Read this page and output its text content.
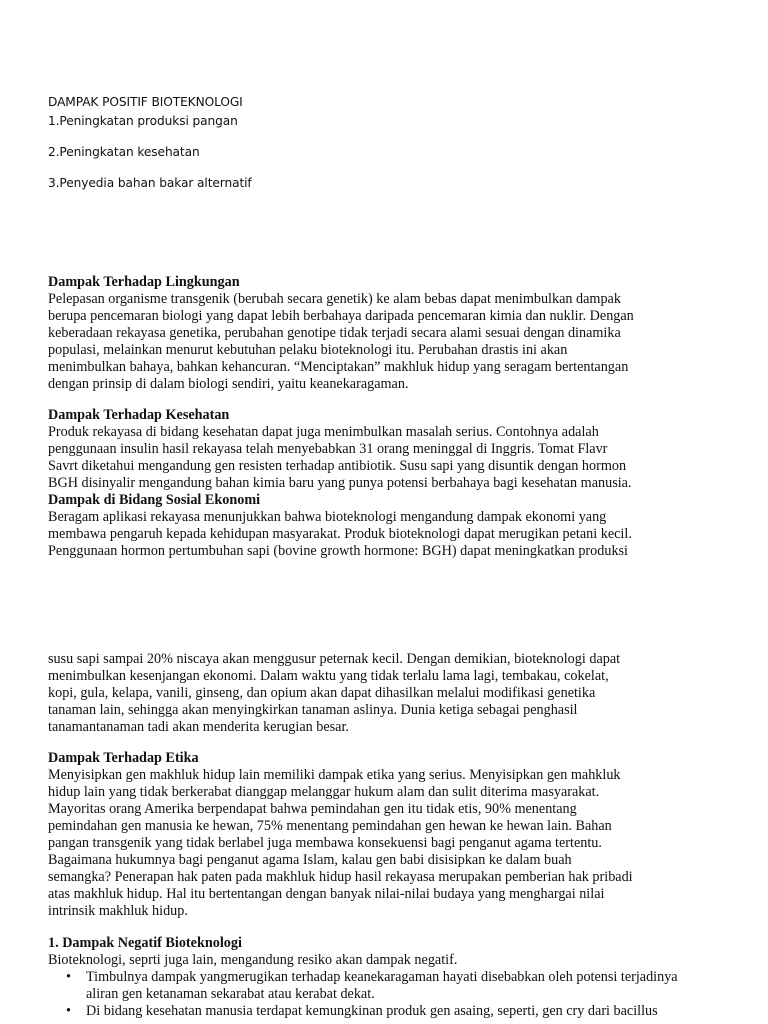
DAMPAK POSITIF BIOTEKNOLOGI
1.Peningkatan produksi pangan
2.Peningkatan kesehatan
3.Penyedia bahan bakar alternatif
Dampak Terhadap Lingkungan
Pelepasan organisme transgenik (berubah secara genetik) ke alam bebas dapat menimbulkan dampak
berupa pencemaran biologi yang dapat lebih berbahaya daripada pencemaran kimia dan nuklir. Dengan
keberadaan rekayasa genetika, perubahan genotipe tidak terjadi secara alami sesuai dengan dinamika
populasi, melainkan menurut kebutuhan pelaku bioteknologi itu. Perubahan drastis ini akan
menimbulkan bahaya, bahkan kehancuran. “Menciptakan” makhluk hidup yang seragam bertentangan
dengan prinsip di dalam biologi sendiri, yaitu keanekaragaman.
Dampak Terhadap Kesehatan
Produk rekayasa di bidang kesehatan dapat juga menimbulkan masalah serius. Contohnya adalah
penggunaan insulin hasil rekayasa telah menyebabkan 31 orang meninggal di Inggris. Tomat Flavr
Savrt diketahui mengandung gen resisten terhadap antibiotik. Susu sapi yang disuntik dengan hormon
BGH disinyalir mengandung bahan kimia baru yang punya potensi berbahaya bagi kesehatan manusia.
Dampak di Bidang Sosial Ekonomi
Beragam aplikasi rekayasa menunjukkan bahwa bioteknologi mengandung dampak ekonomi yang
membawa pengaruh kepada kehidupan masyarakat. Produk bioteknologi dapat merugikan petani kecil.
Penggunaan hormon pertumbuhan sapi (bovine growth hormone: BGH) dapat meningkatkan produksi
susu sapi sampai 20% niscaya akan menggusur peternak kecil. Dengan demikian, bioteknologi dapat
menimbulkan kesenjangan ekonomi. Dalam waktu yang tidak terlalu lama lagi, tembakau, cokelat,
kopi, gula, kelapa, vanili, ginseng, dan opium akan dapat dihasilkan melalui modifikasi genetika
tanaman lain, sehingga akan menyingkirkan tanaman aslinya. Dunia ketiga sebagai penghasil
tanamantanaman tadi akan menderita kerugian besar.
Dampak Terhadap Etika
Menyisipkan gen makhluk hidup lain memiliki dampak etika yang serius. Menyisipkan gen mahkluk
hidup lain yang tidak berkerabat dianggap melanggar hukum alam dan sulit diterima masyarakat.
Mayoritas orang Amerika berpendapat bahwa pemindahan gen itu tidak etis, 90% menentang
pemindahan gen manusia ke hewan, 75% menentang pemindahan gen hewan ke hewan lain. Bahan
pangan transgenik yang tidak berlabel juga membawa konsekuensi bagi penganut agama tertentu.
Bagaimana hukumnya bagi penganut agama Islam, kalau gen babi disisipkan ke dalam buah
semangka? Penerapan hak paten pada makhluk hidup hasil rekayasa merupakan pemberian hak pribadi
atas makhluk hidup. Hal itu bertentangan dengan banyak nilai-nilai budaya yang menghargai nilai
intrinsik makhluk hidup.
1. Dampak Negatif Bioteknologi
Bioteknologi, seprti juga lain, mengandung resiko akan dampak negatif.
• Timbulnya dampak yangmerugikan terhadap keanekaragaman hayati disebabkan oleh potensi terjadinya
aliran gen ketanaman sekarabat atau kerabat dekat.
• Di bidang kesehatan manusia terdapat kemungkinan produk gen asaing, seperti, gen cry dari bacillus
